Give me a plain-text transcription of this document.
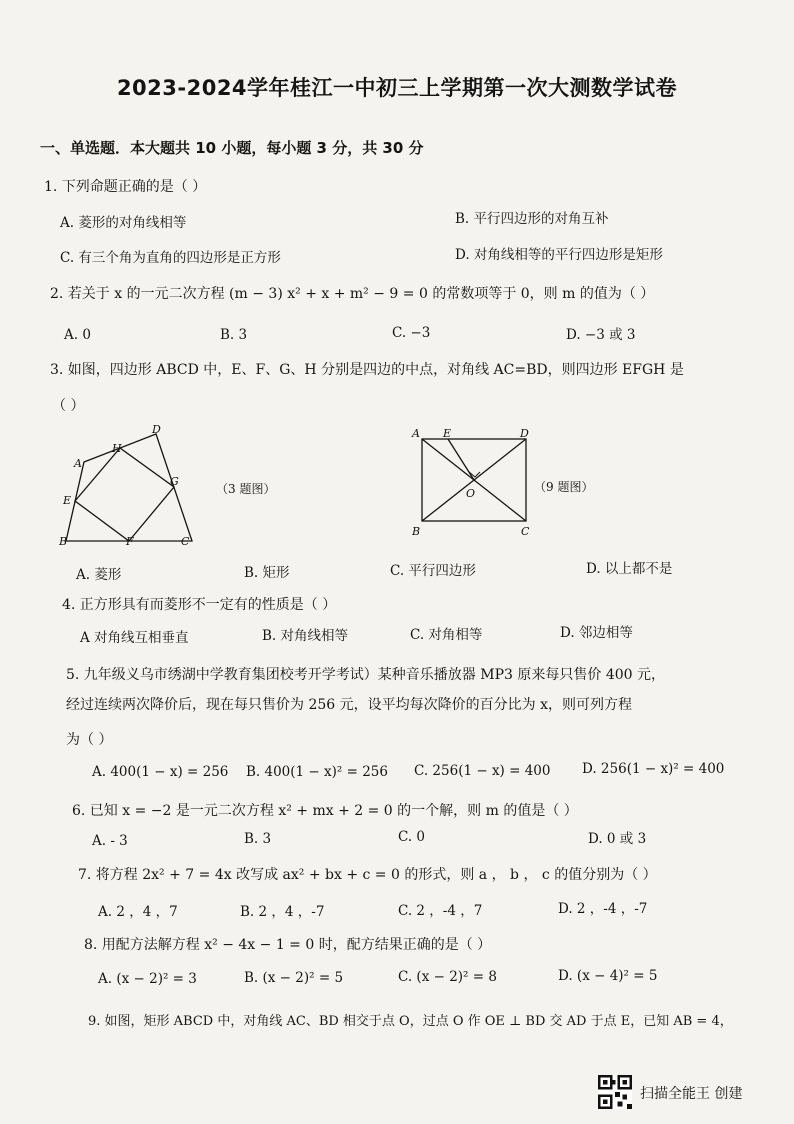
2023-2024学年桂江一中初三上学期第一次大测数学试卷
一、单选题．本大题共 10 小题，每小题 3 分，共 30 分
1. 下列命题正确的是（ ）
A. 菱形的对角线相等	B. 平行四边形的对角互补
C. 有三个角为直角的四边形是正方形	D. 对角线相等的平行四边形是矩形
2. 若关于 x 的一元二次方程 (m − 3) x² + x + m² − 9 = 0 的常数项等于 0，则 m 的值为（ ）
A. 0	B. 3	C. −3	D. −3 或 3
3. 如图，四边形 ABCD 中，E、F、G、H 分别是四边的中点，对角线 AC=BD，则四边形 EFGH 是
（ ）
D
H
A
G
E
B	F	C
（3 题图）
A E	D
O
B	C
（9 题图）
A. 菱形	B. 矩形	C. 平行四边形	D. 以上都不是
4. 正方形具有而菱形不一定有的性质是（ ）
A 对角线互相垂直	B. 对角线相等	C. 对角相等	D. 邻边相等
5. 九年级义乌市绣湖中学教育集团校考开学考试）某种音乐播放器 MP3 原来每只售价 400 元，
经过连续两次降价后，现在每只售价为 256 元，设平均每次降价的百分比为 x，则可列方程
为（ ）
A. 400(1 − x) = 256 B. 400(1 − x)² = 256 C. 256(1 − x) = 400 D. 256(1 − x)² = 400
6. 已知 x = −2 是一元二次方程 x² + mx + 2 = 0 的一个解，则 m 的值是（ ）
A. - 3	B. 3	C. 0	D. 0 或 3
7. 将方程 2x² + 7 = 4x 改写成 ax² + bx + c = 0 的形式，则 a ， b ， c 的值分别为（ ）
A. 2 ，4 ，7	B. 2 ，4 ，-7	C. 2 ，-4 ，7	D. 2 ，-4 ，-7
8. 用配方法解方程 x² − 4x − 1 = 0 时，配方结果正确的是（ ）
A. (x − 2)² = 3	B. (x − 2)² = 5	C. (x − 2)² = 8	D. (x − 4)² = 5
9. 如图，矩形 ABCD 中，对角线 AC、BD 相交于点 O，过点 O 作 OE ⊥ BD 交 AD 于点 E，已知 AB = 4，
扫描全能王 创建
